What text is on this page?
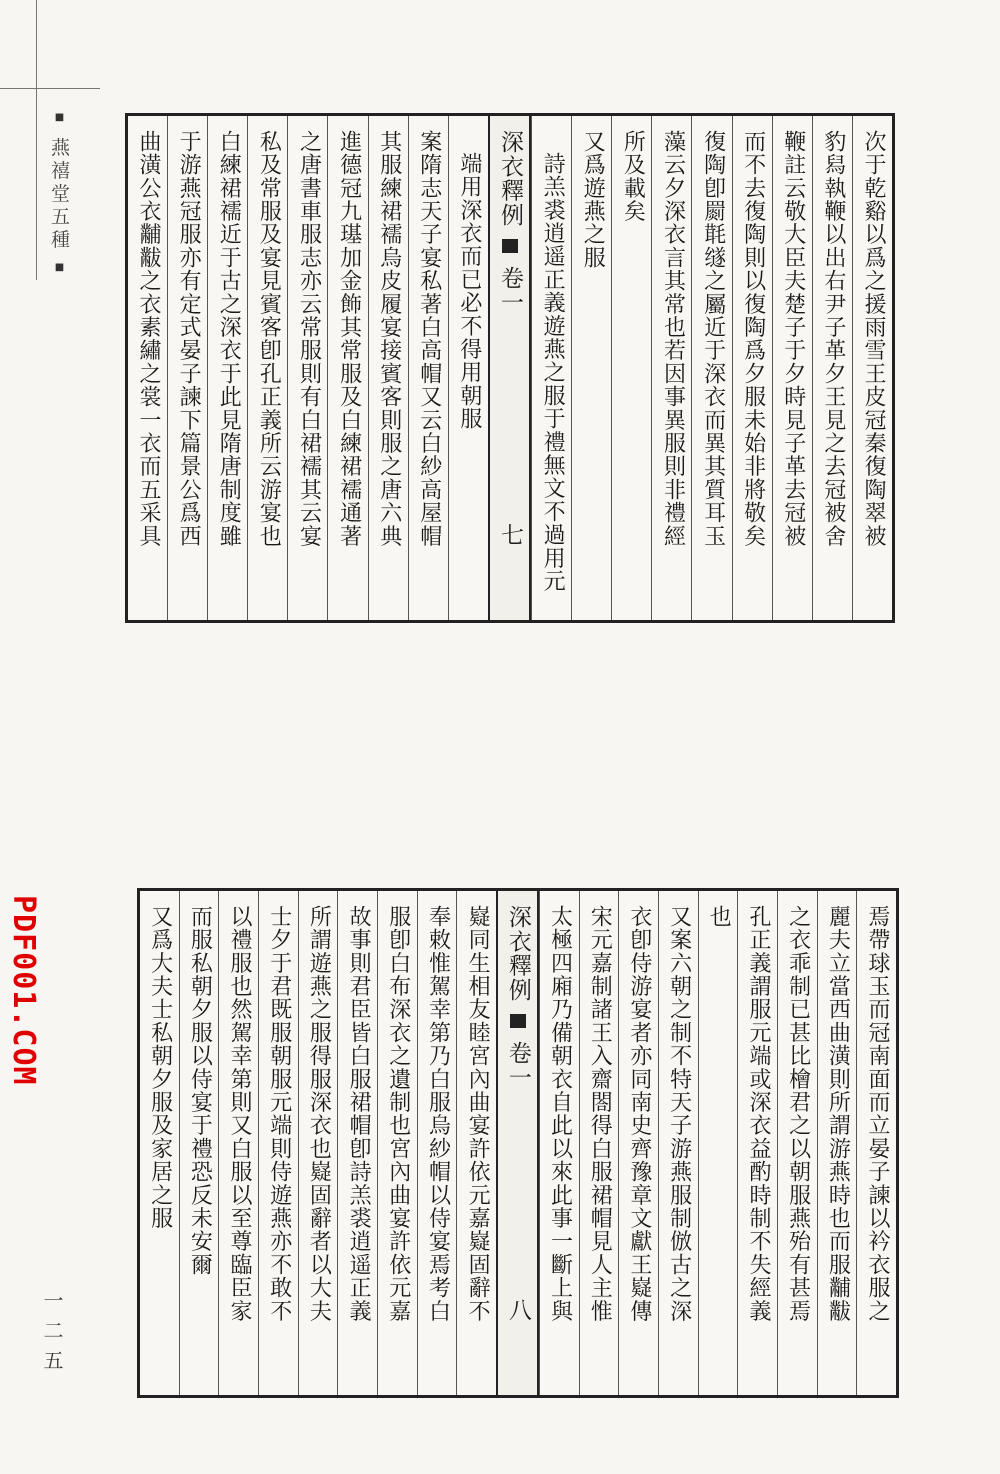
■ 燕禧堂五種 ■
PDF001.COM
一二五
次于乾谿以爲之援雨雪王皮冠秦復陶翠被
豹舄執鞭以出右尹子革夕王見之去冠被舍
鞭註云敬大臣夫楚子于夕時見子革去冠被
而不去復陶則以復陶爲夕服未始非將敬矣
復陶卽罽㲨䍁之屬近于深衣而異其質耳玉
藻云夕深衣言其常也若因事異服則非禮經
所及載矣
又爲遊燕之服
詩羔裘逍遥正義遊燕之服于禮無文不過用元
深衣釋例  卷一 七
端用深衣而已必不得用朝服
案隋志天子宴私著白高帽又云白紗高屋帽
其服練裙襦烏皮履宴接賓客則服之唐六典
進德冠九璂加金飾其常服及白練裙襦通著
之唐書車服志亦云常服則有白裙襦其云宴
私及常服及宴見賓客卽孔正義所云游宴也
白練裙襦近于古之深衣于此見隋唐制度雖
于游燕冠服亦有定式晏子諫下篇景公爲西
曲潢公衣黼黻之衣素繡之裳一衣而五采具
焉帶球玉而冠南面而立晏子諫以衿衣服之
麗夫立當西曲潢則所謂游燕時也而服黼黻
之衣乖制已甚比檜君之以朝服燕殆有甚焉
孔正義謂服元端或深衣益酌時制不失經義
也
又案六朝之制不特天子游燕服制倣古之深
衣卽侍游宴者亦同南史齊豫章文獻王嶷傳
宋元嘉制諸王入齋閤得白服裙帽見人主惟
太極四廂乃備朝衣自此以來此事一斷上與
深衣釋例  卷一 八
嶷同生相友睦宮內曲宴許依元嘉嶷固辭不
奉敕惟駕幸第乃白服烏紗帽以侍宴焉考白
服卽白布深衣之遺制也宮內曲宴許依元嘉
故事則君臣皆白服裙帽卽詩羔裘逍遥正義
所謂遊燕之服得服深衣也嶷固辭者以大夫
士夕于君既服朝服元端則侍遊燕亦不敢不
以禮服也然駕幸第則又白服以至尊臨臣家
而服私朝夕服以侍宴于禮恐反未安爾
又爲大夫士私朝夕服及家居之服
